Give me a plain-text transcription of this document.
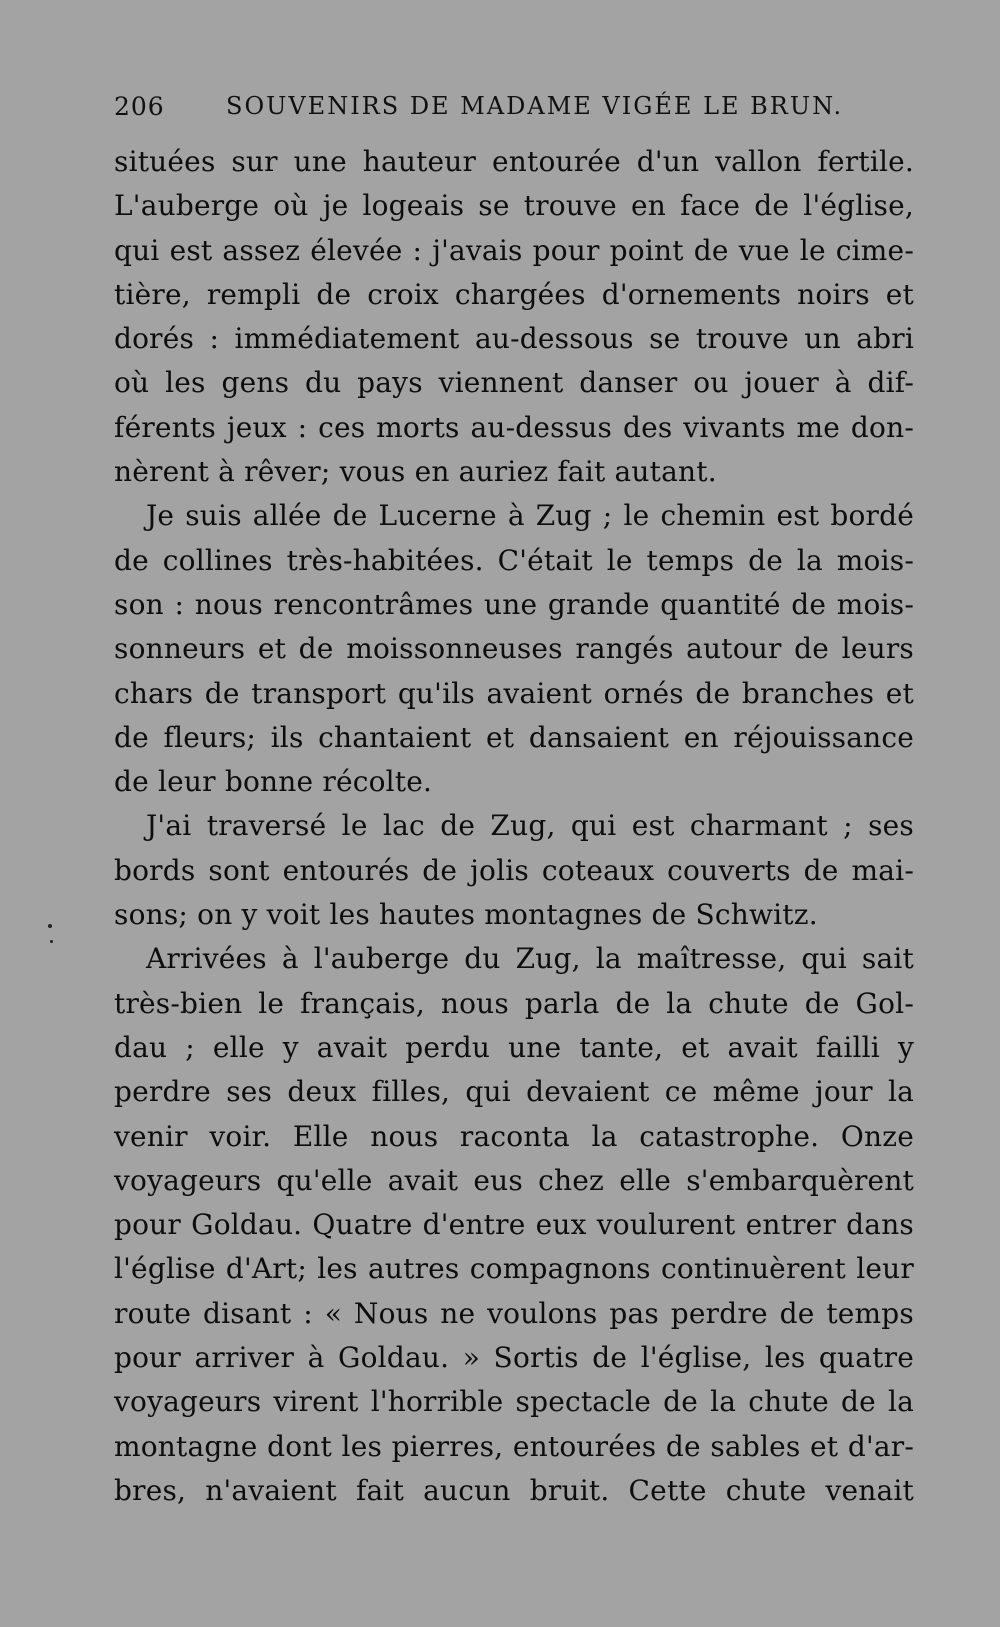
206	SOUVENIRS DE MADAME VIGÉE LE BRUN.
situées sur une hauteur entourée d'un vallon fertile.
L'auberge où je logeais se trouve en face de l'église,
qui est assez élevée : j'avais pour point de vue le cime-
tière, rempli de croix chargées d'ornements noirs et
dorés : immédiatement au-dessous se trouve un abri
où les gens du pays viennent danser ou jouer à dif-
férents jeux : ces morts au-dessus des vivants me don-
nèrent à rêver; vous en auriez fait autant.
Je suis allée de Lucerne à Zug ; le chemin est bordé
de collines très-habitées. C'était le temps de la mois-
son : nous rencontrâmes une grande quantité de mois-
sonneurs et de moissonneuses rangés autour de leurs
chars de transport qu'ils avaient ornés de branches et
de fleurs; ils chantaient et dansaient en réjouissance
de leur bonne récolte.
J'ai traversé le lac de Zug, qui est charmant ; ses
bords sont entourés de jolis coteaux couverts de mai-
sons; on y voit les hautes montagnes de Schwitz.
Arrivées à l'auberge du Zug, la maîtresse, qui sait
très-bien le français, nous parla de la chute de Gol-
dau ; elle y avait perdu une tante, et avait failli y
perdre ses deux filles, qui devaient ce même jour la
venir voir. Elle nous raconta la catastrophe. Onze
voyageurs qu'elle avait eus chez elle s'embarquèrent
pour Goldau. Quatre d'entre eux voulurent entrer dans
l'église d'Art; les autres compagnons continuèrent leur
route disant : « Nous ne voulons pas perdre de temps
pour arriver à Goldau. » Sortis de l'église, les quatre
voyageurs virent l'horrible spectacle de la chute de la
montagne dont les pierres, entourées de sables et d'ar-
bres, n'avaient fait aucun bruit. Cette chute venait
